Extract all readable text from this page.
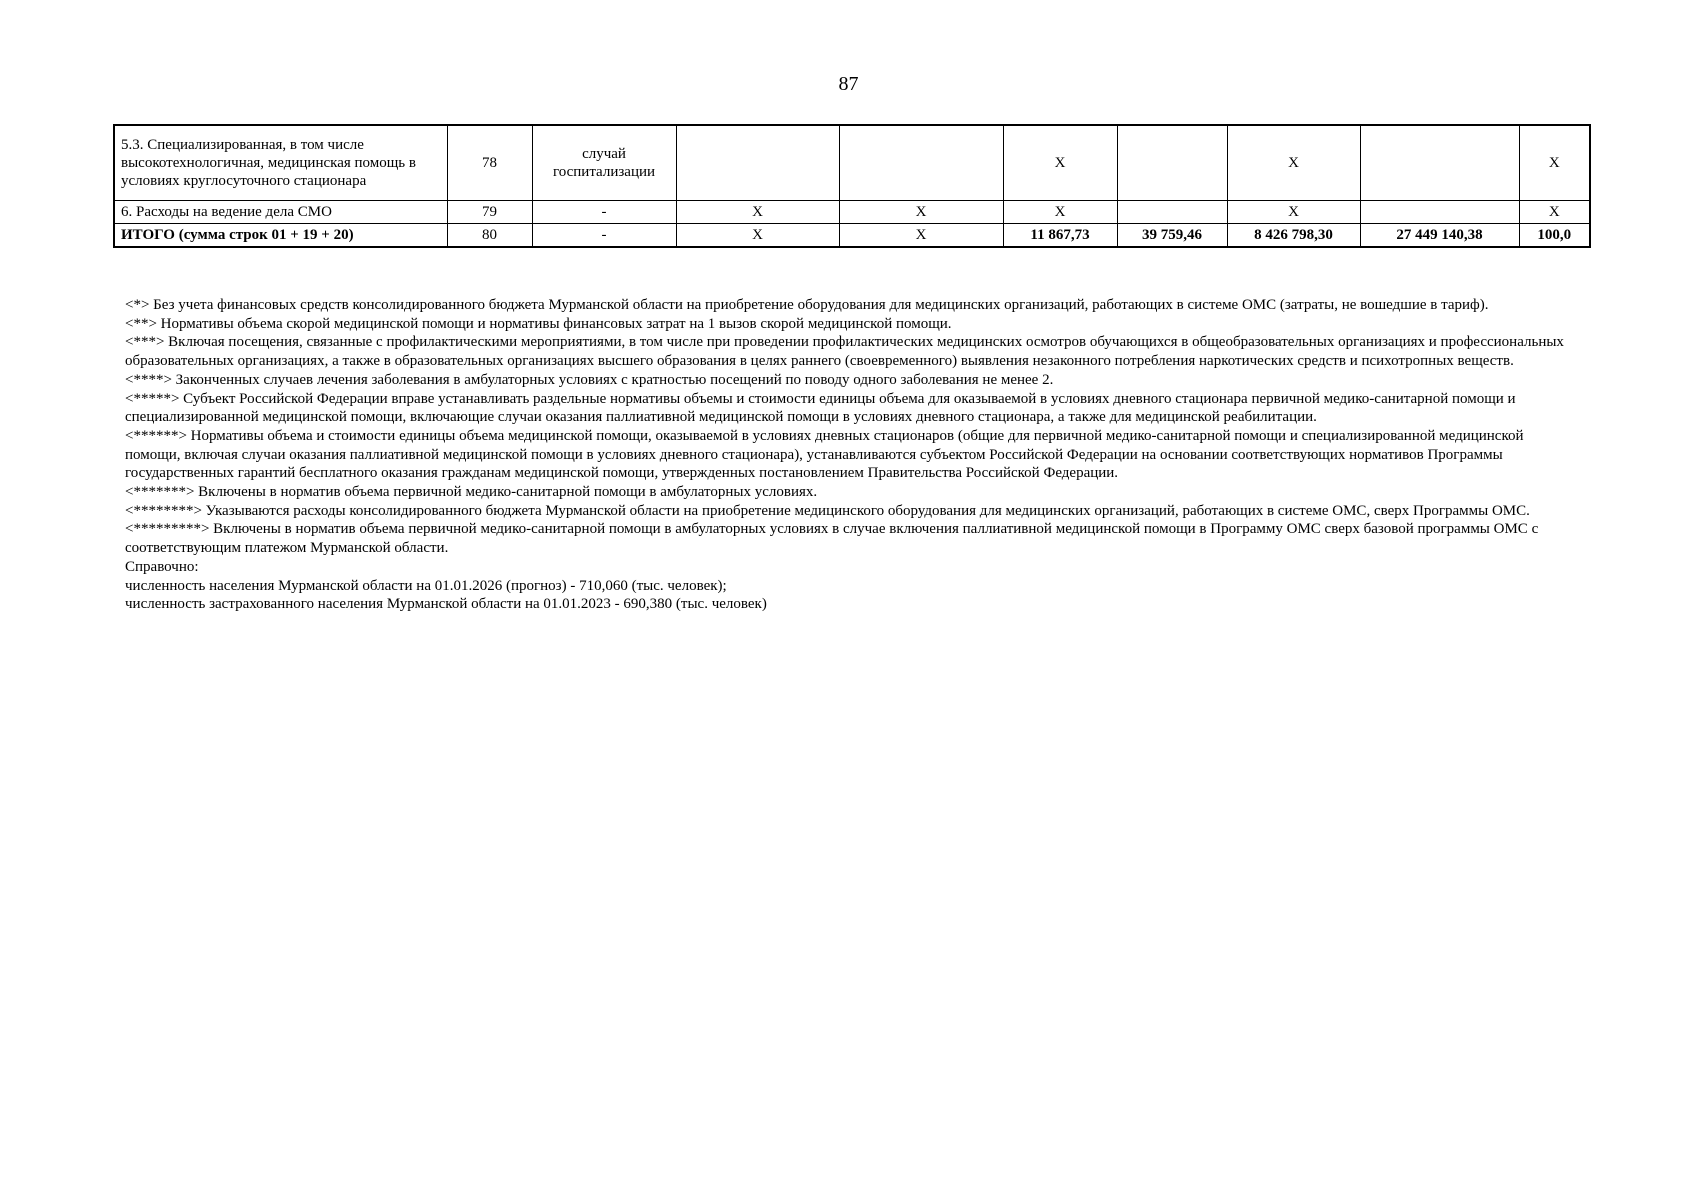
87
5.3. Специализированная, в том числе высокотехнологичная, медицинская помощь в условиях круглосуточного стационара	78	случай госпитализации			X		X		X
6. Расходы на ведение дела СМО	79	-	X	X	X		X		X
ИТОГО (сумма строк 01 + 19 + 20)	80	-	X	X	11 867,73	39 759,46	8 426 798,30	27 449 140,38	100,0

<*> Без учета финансовых средств консолидированного бюджета Мурманской области на приобретение оборудования для медицинских организаций, работающих в системе ОМС (затраты, не вошедшие в тариф).

<**> Нормативы объема скорой медицинской помощи и нормативы финансовых затрат на 1 вызов скорой медицинской помощи.

<***> Включая посещения, связанные с профилактическими мероприятиями, в том числе при проведении профилактических медицинских осмотров обучающихся в общеобразовательных организациях и профессиональных образовательных организациях, а также в образовательных организациях высшего образования в целях раннего (своевременного) выявления незаконного потребления наркотических средств и психотропных веществ.

<****> Законченных случаев лечения заболевания в амбулаторных условиях с кратностью посещений по поводу одного заболевания не менее 2.

<*****> Субъект Российской Федерации вправе устанавливать раздельные нормативы объемы и стоимости единицы объема для оказываемой в условиях дневного стационара первичной медико-санитарной помощи и специализированной медицинской помощи, включающие случаи оказания паллиативной медицинской помощи в условиях дневного стационара, а также для медицинской реабилитации.

<******> Нормативы объема и стоимости единицы объема медицинской помощи, оказываемой в условиях дневных стационаров (общие для первичной медико-санитарной помощи и специализированной медицинской помощи, включая случаи оказания паллиативной медицинской помощи в условиях дневного стационара), устанавливаются субъектом Российской Федерации на основании соответствующих нормативов Программы государственных гарантий бесплатного оказания гражданам медицинской помощи, утвержденных постановлением Правительства Российской Федерации.

<*******> Включены в норматив объема первичной медико-санитарной помощи в амбулаторных условиях.

<********> Указываются расходы консолидированного бюджета Мурманской области на приобретение медицинского оборудования для медицинских организаций, работающих в системе ОМС, сверх Программы ОМС.

<*********> Включены в норматив объема первичной медико-санитарной помощи в амбулаторных условиях в случае включения паллиативной медицинской помощи в Программу ОМС сверх базовой программы ОМС с соответствующим платежом Мурманской области.

Справочно:

численность населения Мурманской области на 01.01.2026 (прогноз) - 710,060 (тыс. человек);

численность застрахованного населения Мурманской области на 01.01.2023 - 690,380 (тыс. человек)
